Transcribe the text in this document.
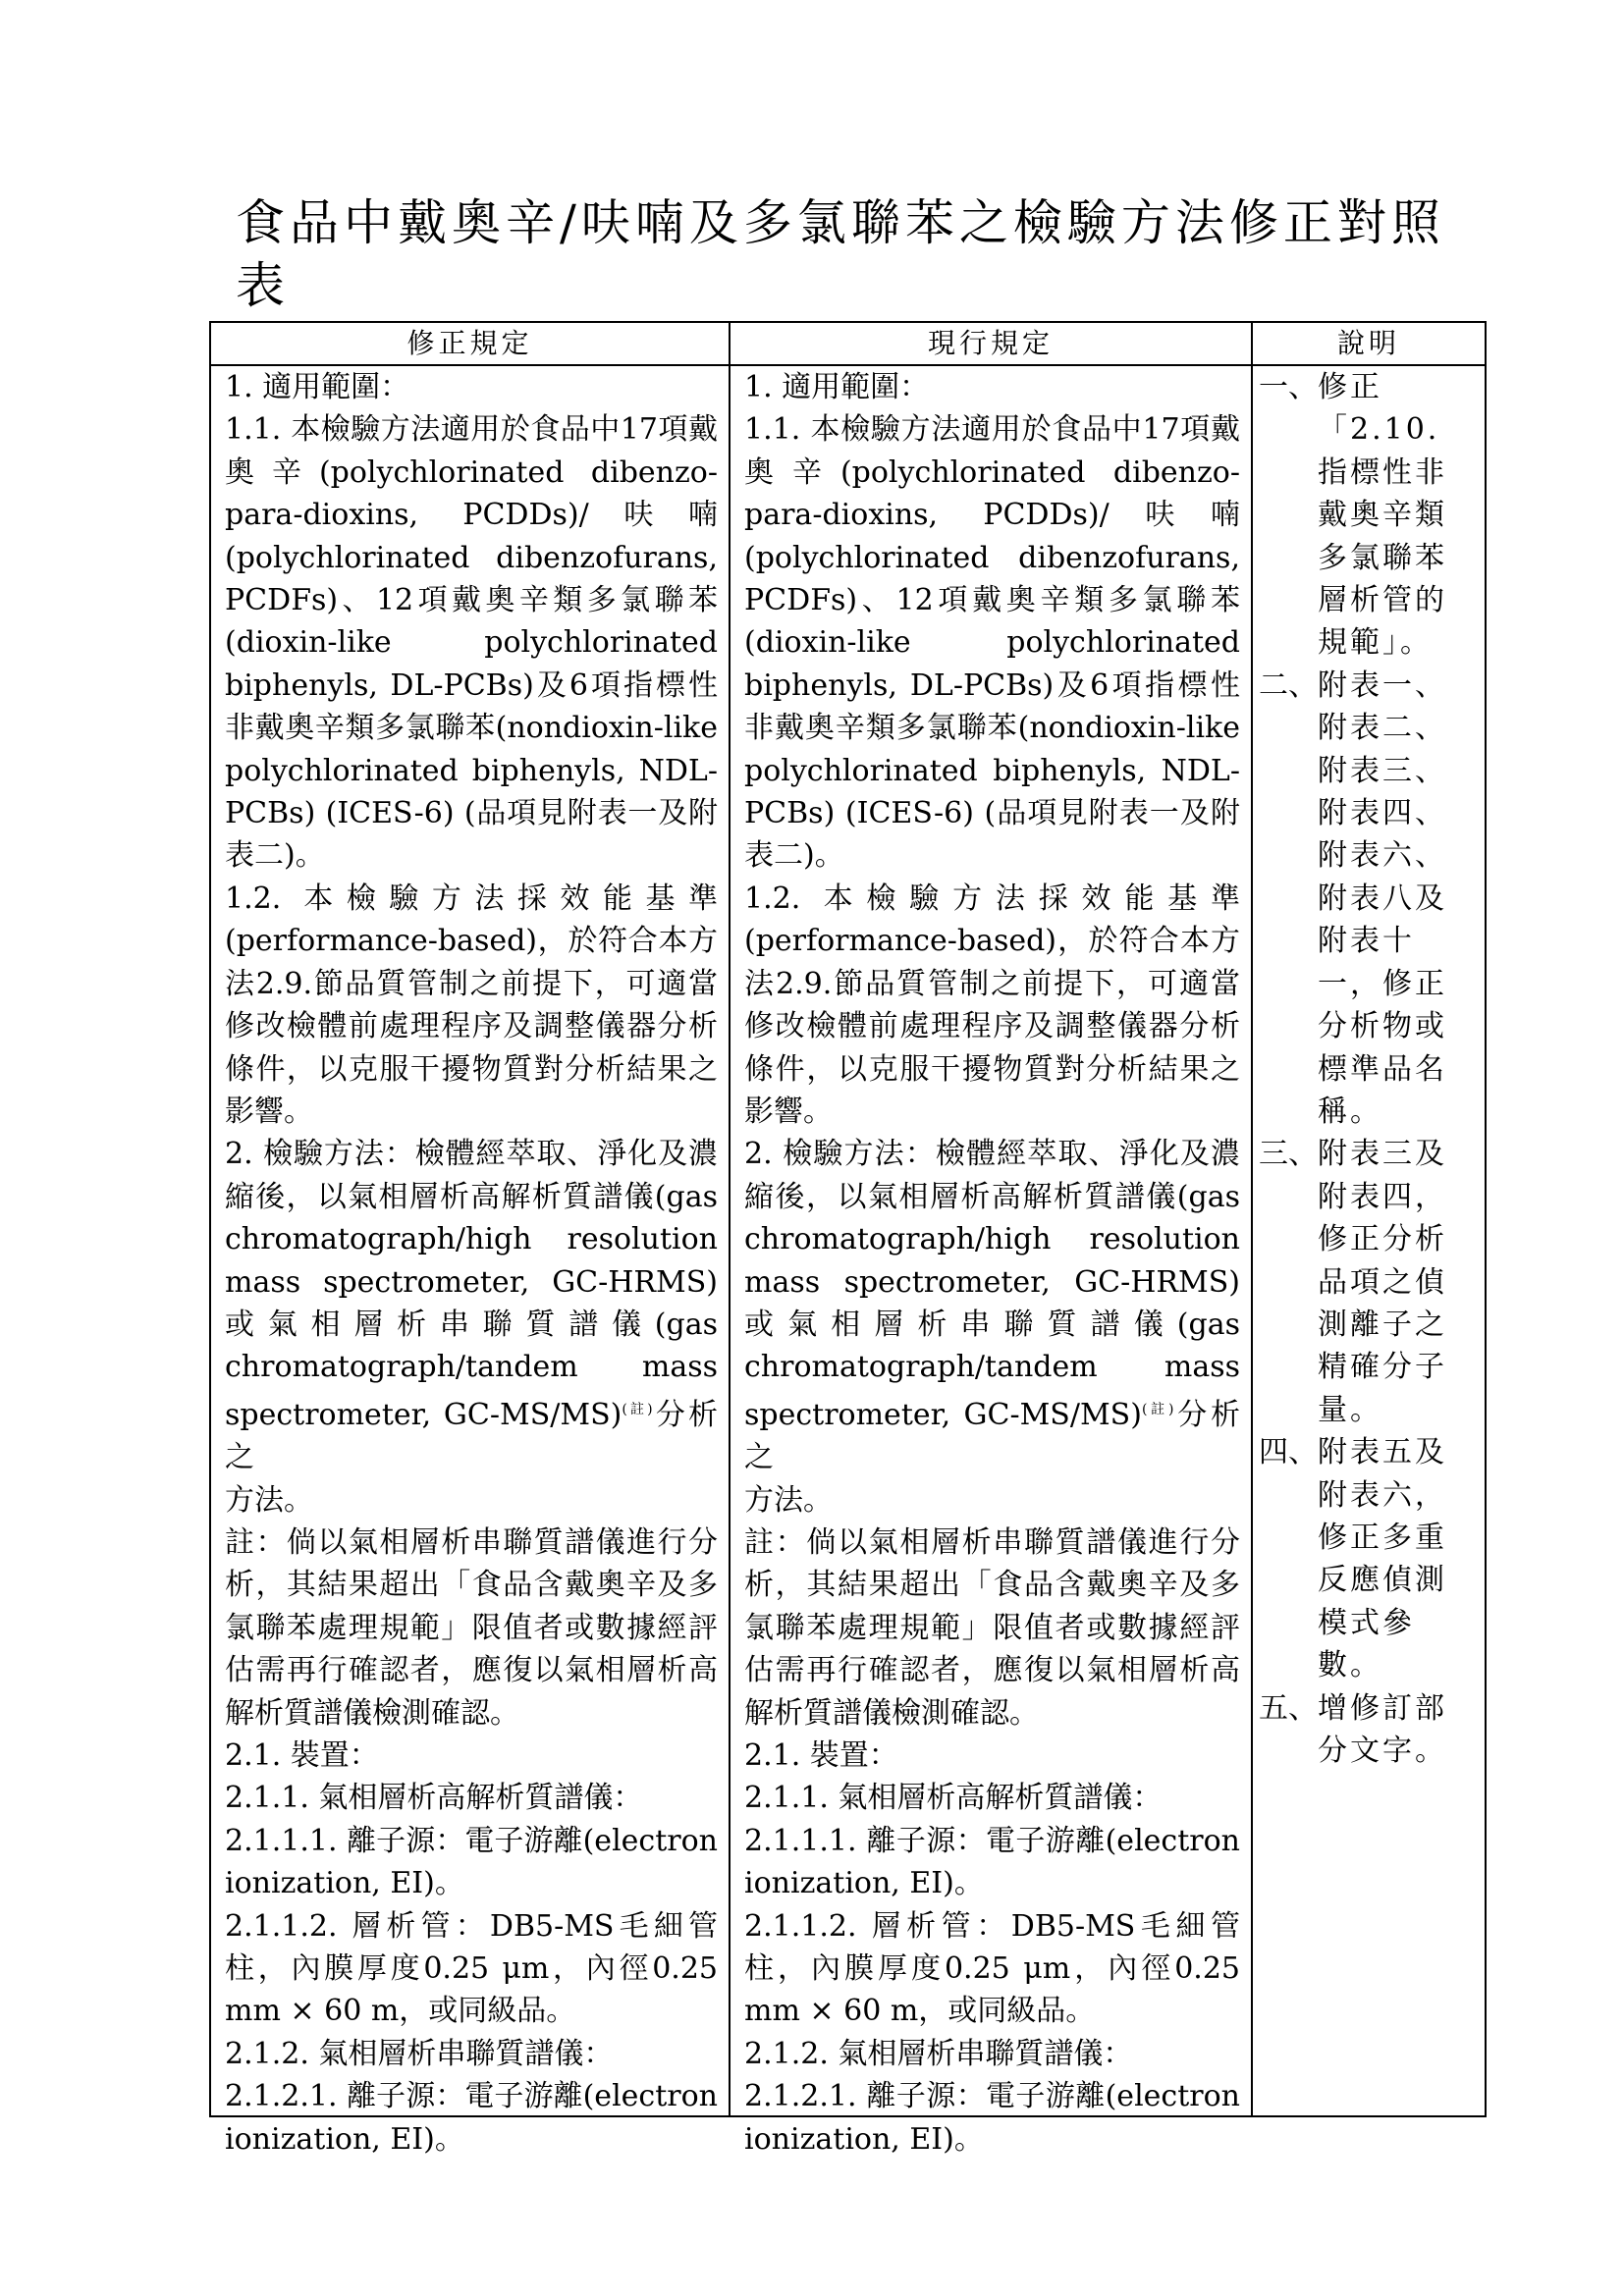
食品中戴奧辛/呋喃及多氯聯苯之檢驗方法修正對照表
修正規定

1. 適用範圍：

1.1. 本檢驗方法適用於食品中17項戴奧辛(polychlorinated dibenzo-para-dioxins, PCDDs)/呋喃(polychlorinated dibenzofurans, PCDFs)、12項戴奧辛類多氯聯苯(dioxin-like polychlorinated biphenyls, DL-PCBs)及6項指標性非戴奧辛類多氯聯苯(nondioxin-like polychlorinated biphenyls, NDL-PCBs) (ICES-6) (品項見附表一及附表二)。

1.2. 本檢驗方法採效能基準(performance-based)，於符合本方法2.9.節品質管制之前提下，可適當修改檢體前處理程序及調整儀器分析條件，以克服干擾物質對分析結果之影響。

2. 檢驗方法：檢體經萃取、淨化及濃縮後，以氣相層析高解析質譜儀(gas chromatograph/high resolution mass spectrometer, GC-HRMS)或氣相層析串聯質譜儀(gas chromatograph/tandem mass spectrometer, GC-MS/MS)$^{(註)}$分析之

方法。

註：倘以氣相層析串聯質譜儀進行分析，其結果超出「食品含戴奧辛及多氯聯苯處理規範」限值者或數據經評估需再行確認者，應復以氣相層析高解析質譜儀檢測確認。

2.1. 裝置：

2.1.1. 氣相層析高解析質譜儀：

2.1.1.1. 離子源：電子游離(electron ionization, EI)。

2.1.1.2. 層析管：DB5-MS毛細管柱，內膜厚度0.25 μm，內徑0.25 mm × 60 m，或同級品。

2.1.2. 氣相層析串聯質譜儀：

2.1.2.1. 離子源：電子游離(electron ionization, EI)。

現行規定

1. 適用範圍：

1.1. 本檢驗方法適用於食品中17項戴奧辛(polychlorinated dibenzo-para-dioxins, PCDDs)/呋喃(polychlorinated dibenzofurans, PCDFs)、12項戴奧辛類多氯聯苯(dioxin-like polychlorinated biphenyls, DL-PCBs)及6項指標性非戴奧辛類多氯聯苯(nondioxin-like polychlorinated biphenyls, NDL-PCBs) (ICES-6) (品項見附表一及附表二)。

1.2. 本檢驗方法採效能基準(performance-based)，於符合本方法2.9.節品質管制之前提下，可適當修改檢體前處理程序及調整儀器分析條件，以克服干擾物質對分析結果之影響。

2. 檢驗方法：檢體經萃取、淨化及濃縮後，以氣相層析高解析質譜儀(gas chromatograph/high resolution mass spectrometer, GC-HRMS)或氣相層析串聯質譜儀(gas chromatograph/tandem mass spectrometer, GC-MS/MS)$^{(註)}$分析之

方法。

註：倘以氣相層析串聯質譜儀進行分析，其結果超出「食品含戴奧辛及多氯聯苯處理規範」限值者或數據經評估需再行確認者，應復以氣相層析高解析質譜儀檢測確認。

2.1. 裝置：

2.1.1. 氣相層析高解析質譜儀：

2.1.1.1. 離子源：電子游離(electron ionization, EI)。

2.1.1.2. 層析管：DB5-MS毛細管柱，內膜厚度0.25 μm，內徑0.25 mm × 60 m，或同級品。

2.1.2. 氣相層析串聯質譜儀：

2.1.2.1. 離子源：電子游離(electron ionization, EI)。

說明
一、 修正「2.10. 指標性非戴奧辛類多氯聯苯層析管的規範」。
二、 附表一、附表二、附表三、附表四、附表六、附表八及附表十一，修正分析物或標準品名稱。
三、 附表三及附表四，修正分析品項之偵測離子之精確分子量。
四、 附表五及附表六，修正多重反應偵測模式參數。
五、 增修訂部分文字。
